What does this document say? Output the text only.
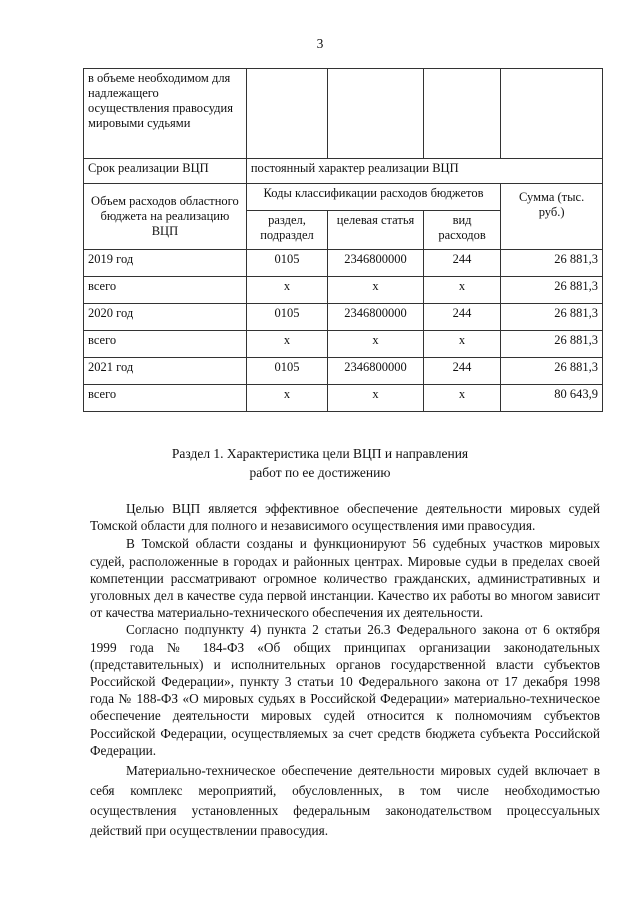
3
в объеме необходимом для надлежащего осуществления правосудия мировыми судьями				
Срок реализации ВЦП	постоянный характер реализации ВЦП			
Объем расходов областного бюджета на реализацию ВЦП	Коды классификации расходов бюджетов			Сумма (тыс. руб.)
	раздел, подраздел	целевая статья	вид расходов	
2019 год	0105	2346800000	244	26 881,3
всего	x	x	x	26 881,3
2020 год	0105	2346800000	244	26 881,3
всего	x	x	x	26 881,3
2021 год	0105	2346800000	244	26 881,3
всего	x	x	x	80 643,9
Раздел 1. Характеристика цели ВЦП и направления
работ по ее достижению

Целью ВЦП является эффективное обеспечение деятельности мировых судей Томской области для полного и независимого осуществления ими правосудия.

В Томской области созданы и функционируют 56 судебных участков мировых судей, расположенные в городах и районных центрах. Мировые судьи в пределах своей компетенции рассматривают огромное количество гражданских, административных и уголовных дел в качестве суда первой инстанции. Качество их работы во многом зависит от качества материально-технического обеспечения их деятельности.

Согласно подпункту 4) пункта 2 статьи 26.3 Федерального закона от 6 октября 1999 года № 184-ФЗ «Об общих принципах организации законодательных (представительных) и исполнительных органов государственной власти субъектов Российской Федерации», пункту 3 статьи 10 Федерального закона от 17 декабря 1998 года № 188-ФЗ «О мировых судьях в Российской Федерации» материально-техническое обеспечение деятельности мировых судей относится к полномочиям субъектов Российской Федерации, осуществляемых за счет средств бюджета субъекта Российской Федерации.

Материально-техническое обеспечение деятельности мировых судей включает в себя комплекс мероприятий, обусловленных, в том числе необходимостью осуществления установленных федеральным законодательством процессуальных действий при осуществлении правосудия.
